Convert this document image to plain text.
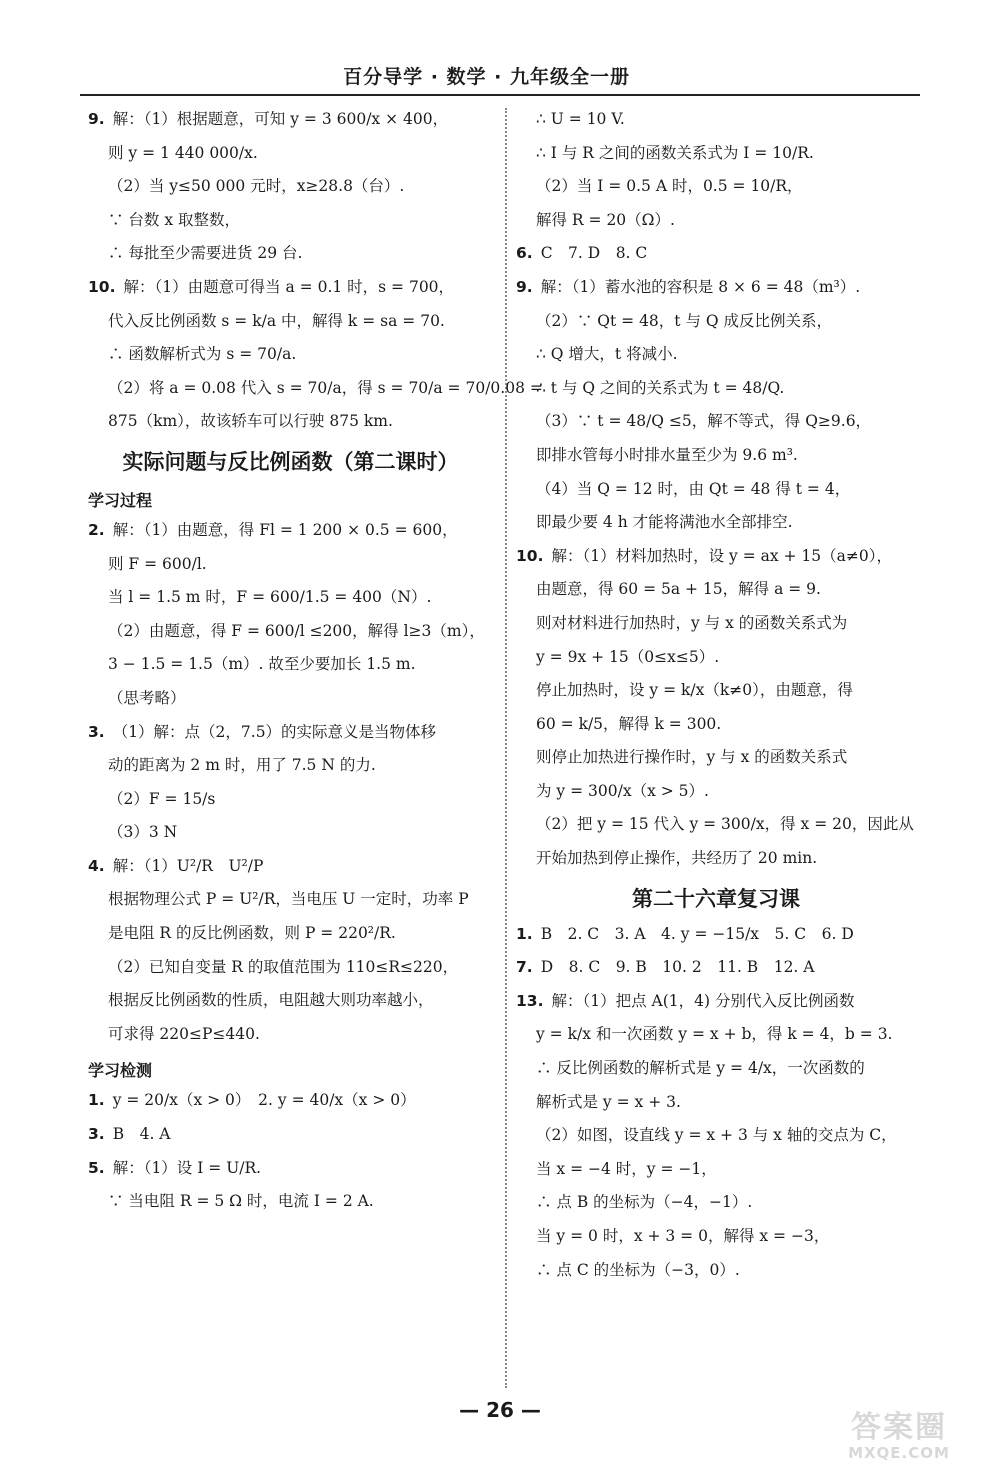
百分导学 · 数学 · 九年级全一册
9. 解：（1）根据题意，可知 y = 3 600/x × 400，
则 y = 1 440 000/x.
（2）当 y≤50 000 元时，x≥28.8（台）.
∵ 台数 x 取整数，
∴ 每批至少需要进货 29 台.
10. 解：（1）由题意可得当 a = 0.1 时，s = 700，
代入反比例函数 s = k/a 中，解得 k = sa = 70.
∴ 函数解析式为 s = 70/a.
（2）将 a = 0.08 代入 s = 70/a，得 s = 70/a = 70/0.08 =
875（km），故该轿车可以行驶 875 km.
实际问题与反比例函数（第二课时）
学习过程
2. 解：（1）由题意，得 Fl = 1 200 × 0.5 = 600，
则 F = 600/l.
当 l = 1.5 m 时，F = 600/1.5 = 400（N）.
（2）由题意，得 F = 600/l ≤200，解得 l≥3（m），
3 − 1.5 = 1.5（m）. 故至少要加长 1.5 m.
（思考略）
3. （1）解：点（2，7.5）的实际意义是当物体移
动的距离为 2 m 时，用了 7.5 N 的力.
（2）F = 15/s
（3）3 N
4. 解：（1）U²/R　U²/P
根据物理公式 P = U²/R，当电压 U 一定时，功率 P
是电阻 R 的反比例函数，则 P = 220²/R.
（2）已知自变量 R 的取值范围为 110≤R≤220，
根据反比例函数的性质，电阻越大则功率越小，
可求得 220≤P≤440.
学习检测
1. y = 20/x（x > 0）　2. y = 40/x（x > 0）
3. B　4. A
5. 解：（1）设 I = U/R.
∵ 当电阻 R = 5 Ω 时，电流 I = 2 A.
∴ U = 10 V.
∴ I 与 R 之间的函数关系式为 I = 10/R.
（2）当 I = 0.5 A 时，0.5 = 10/R，
解得 R = 20（Ω）.
6. C　7. D　8. C
9. 解：（1）蓄水池的容积是 8 × 6 = 48（m³）.
（2）∵ Qt = 48，t 与 Q 成反比例关系，
∴ Q 增大，t 将减小.
∴ t 与 Q 之间的关系式为 t = 48/Q.
（3）∵ t = 48/Q ≤5，解不等式，得 Q≥9.6，
即排水管每小时排水量至少为 9.6 m³.
（4）当 Q = 12 时，由 Qt = 48 得 t = 4，
即最少要 4 h 才能将满池水全部排空.
10. 解：（1）材料加热时，设 y = ax + 15（a≠0），
由题意，得 60 = 5a + 15，解得 a = 9.
则对材料进行加热时，y 与 x 的函数关系式为
y = 9x + 15（0≤x≤5）.
停止加热时，设 y = k/x（k≠0），由题意，得
60 = k/5，解得 k = 300.
则停止加热进行操作时，y 与 x 的函数关系式
为 y = 300/x（x > 5）.
（2）把 y = 15 代入 y = 300/x，得 x = 20，因此从
开始加热到停止操作，共经历了 20 min.
第二十六章复习课
1. B　2. C　3. A　4. y = −15/x　5. C　6. D
7. D　8. C　9. B　10. 2　11. B　12. A
13. 解：（1）把点 A(1，4) 分别代入反比例函数
y = k/x 和一次函数 y = x + b，得 k = 4，b = 3.
∴ 反比例函数的解析式是 y = 4/x，一次函数的
解析式是 y = x + 3.
（2）如图，设直线 y = x + 3 与 x 轴的交点为 C，
当 x = −4 时，y = −1，
∴ 点 B 的坐标为（−4，−1）.
当 y = 0 时，x + 3 = 0，解得 x = −3，
∴ 点 C 的坐标为（−3，0）.
— 26 —	答案圈
MXQE.COM
